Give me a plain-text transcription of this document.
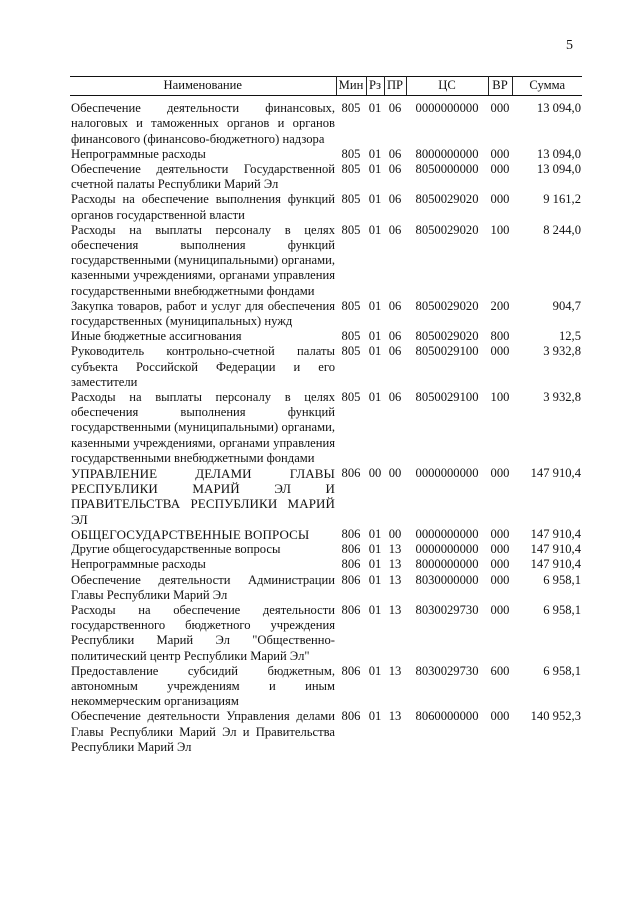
5
Наименование	Мин	Рз	ПР	ЦС	ВР	Сумма
Обеспечение деятельности финансовых, налоговых и таможенных органов и органов финансового (финансово-бюджетного) надзора	805	01	06	0000000000	000	13 094,0
Непрограммные расходы	805	01	06	8000000000	000	13 094,0
Обеспечение деятельности Государственной счетной палаты Республики Марий Эл	805	01	06	8050000000	000	13 094,0
Расходы на обеспечение выполнения функций органов государственной власти	805	01	06	8050029020	000	9 161,2
Расходы на выплаты персоналу в целях обеспечения выполнения функций государственными (муниципальными) органами, казенными учреждениями, органами управления государственными внебюджетными фондами	805	01	06	8050029020	100	8 244,0
Закупка товаров, работ и услуг для обеспечения государственных (муниципальных) нужд	805	01	06	8050029020	200	904,7
Иные бюджетные ассигнования	805	01	06	8050029020	800	12,5
Руководитель контрольно-счетной палаты субъекта Российской Федерации и его заместители	805	01	06	8050029100	000	3 932,8
Расходы на выплаты персоналу в целях обеспечения выполнения функций государственными (муниципальными) органами, казенными учреждениями, органами управления государственными внебюджетными фондами	805	01	06	8050029100	100	3 932,8
УПРАВЛЕНИЕ ДЕЛАМИ ГЛАВЫ РЕСПУБЛИКИ МАРИЙ ЭЛ И ПРАВИТЕЛЬСТВА РЕСПУБЛИКИ МАРИЙ ЭЛ	806	00	00	0000000000	000	147 910,4
ОБЩЕГОСУДАРСТВЕННЫЕ ВОПРОСЫ	806	01	00	0000000000	000	147 910,4
Другие общегосударственные вопросы	806	01	13	0000000000	000	147 910,4
Непрограммные расходы	806	01	13	8000000000	000	147 910,4
Обеспечение деятельности Администрации Главы Республики Марий Эл	806	01	13	8030000000	000	6 958,1
Расходы на обеспечение деятельности государственного бюджетного учреждения Республики Марий Эл "Общественно-политический центр Республики Марий Эл"	806	01	13	8030029730	000	6 958,1
Предоставление субсидий бюджетным, автономным учреждениям и иным некоммерческим организациям	806	01	13	8030029730	600	6 958,1
Обеспечение деятельности Управления делами Главы Республики Марий Эл и Правительства Республики Марий Эл	806	01	13	8060000000	000	140 952,3
